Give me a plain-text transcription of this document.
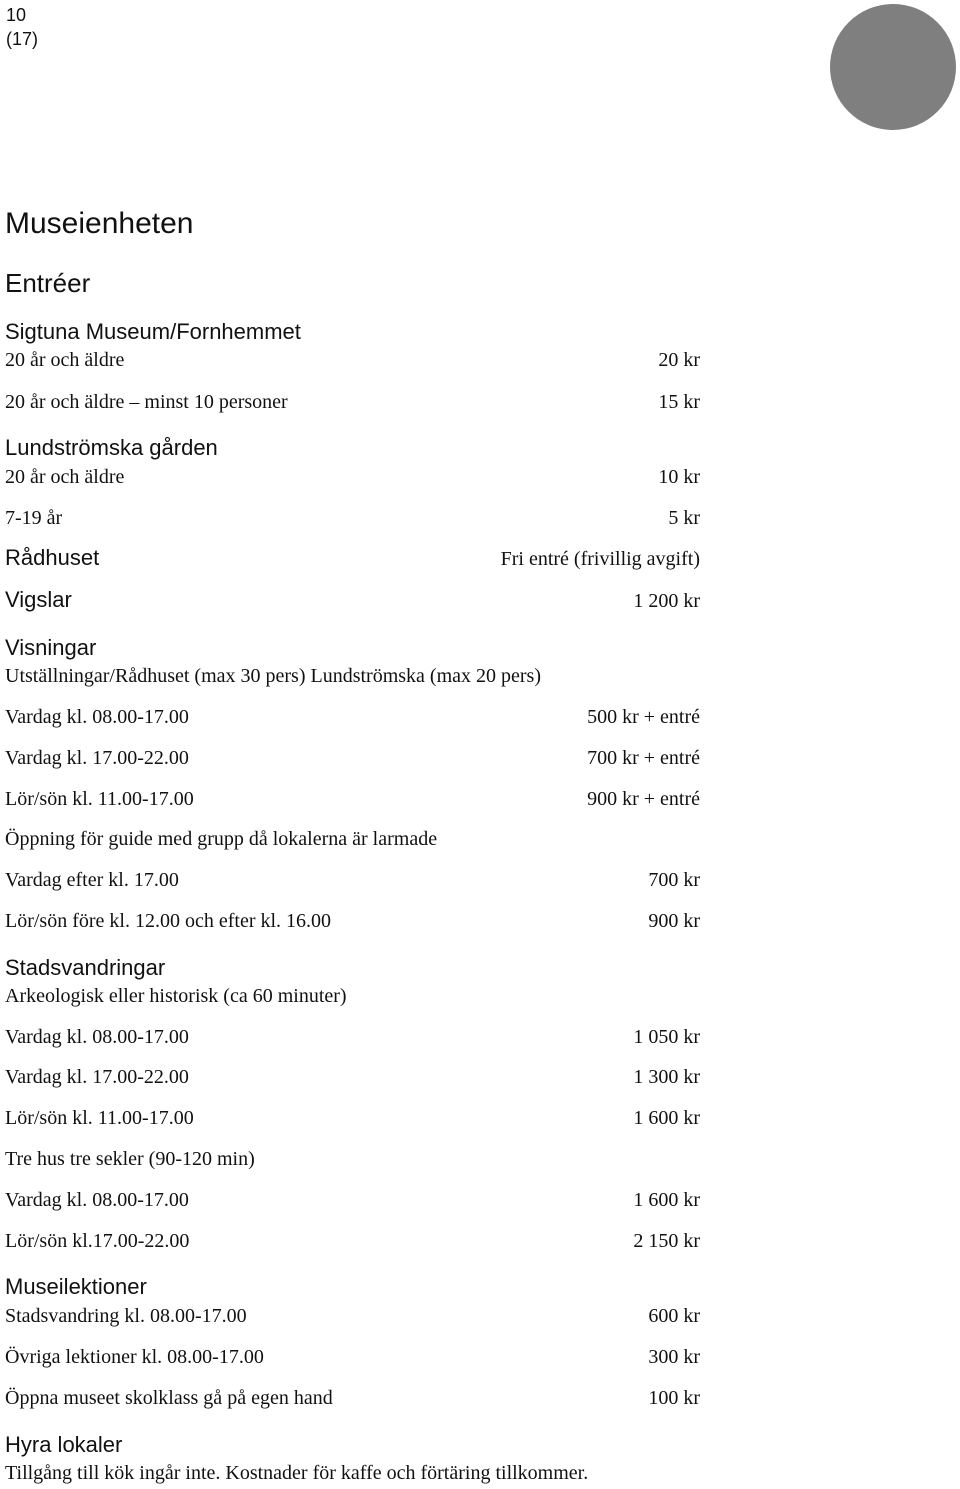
10
(17)
Museienheten
Entréer
Sigtuna Museum/Fornhemmet
20 år och äldre	20 kr
20 år och äldre – minst 10 personer	15 kr
Lundströmska gården
20 år och äldre	10 kr
7-19 år	5 kr
Rådhuset	Fri entré (frivillig avgift)
Vigslar	1 200 kr
Visningar
Utställningar/Rådhuset (max 30 pers) Lundströmska (max 20 pers)
Vardag kl. 08.00-17.00	500 kr + entré
Vardag kl. 17.00-22.00	700 kr + entré
Lör/sön kl. 11.00-17.00	900 kr + entré
Öppning för guide med grupp då lokalerna är larmade
Vardag efter kl. 17.00	700 kr
Lör/sön före kl. 12.00 och efter kl. 16.00	900 kr
Stadsvandringar
Arkeologisk eller historisk (ca 60 minuter)
Vardag kl. 08.00-17.00	1 050 kr
Vardag kl. 17.00-22.00	1 300 kr
Lör/sön kl. 11.00-17.00	1 600 kr
Tre hus tre sekler (90-120 min)
Vardag kl. 08.00-17.00	1 600 kr
Lör/sön kl.17.00-22.00	2 150 kr
Museilektioner
Stadsvandring kl. 08.00-17.00	600 kr
Övriga lektioner kl. 08.00-17.00	300 kr
Öppna museet skolklass gå på egen hand	100 kr
Hyra lokaler
Tillgång till kök ingår inte. Kostnader för kaffe och förtäring tillkommer.
